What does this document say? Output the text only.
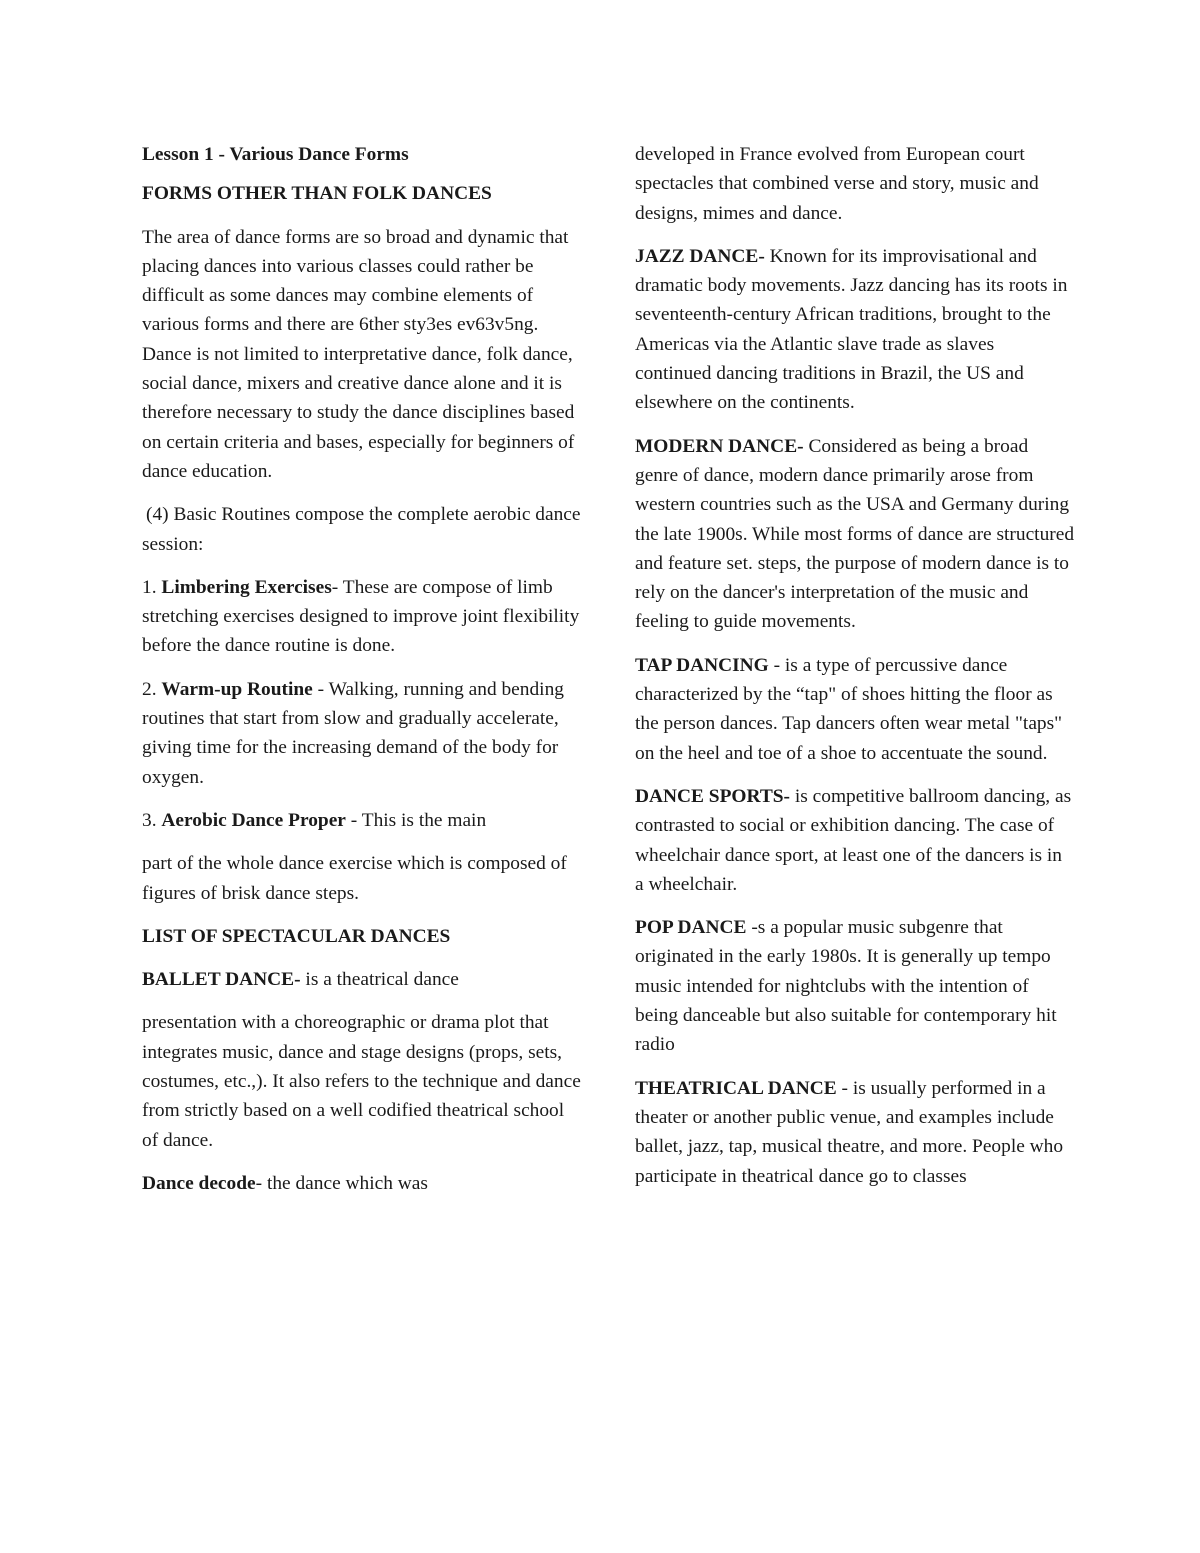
Lesson 1 - Various Dance Forms

FORMS OTHER THAN FOLK DANCES

The area of dance forms are so broad and dynamic that placing dances into various classes could rather be difficult as some dances may combine elements of various forms and there are 6ther sty3es ev63v5ng. Dance is not limited to interpretative dance, folk dance, social dance, mixers and creative dance alone and it is therefore necessary to study the dance disciplines based on certain criteria and bases, especially for beginners of dance education.

(4) Basic Routines compose the complete aerobic dance session:

1. Limbering Exercises- These are compose of limb stretching exercises designed to improve joint flexibility before the dance routine is done.

2. Warm-up Routine - Walking, running and bending routines that start from slow and gradually accelerate, giving time for the increasing demand of the body for oxygen.

3. Aerobic Dance Proper - This is the main

part of the whole dance exercise which is composed of figures of brisk dance steps.

LIST OF SPECTACULAR DANCES

BALLET DANCE- is a theatrical dance

presentation with a choreographic or drama plot that integrates music, dance and stage designs (props, sets, costumes, etc.,). It also refers to the technique and dance from strictly based on a well codified theatrical school of dance.

Dance decode- the dance which was

developed in France evolved from European court spectacles that combined verse and story, music and designs, mimes and dance.

JAZZ DANCE- Known for its improvisational and dramatic body movements. Jazz dancing has its roots in seventeenth-century African traditions, brought to the Americas via the Atlantic slave trade as slaves continued dancing traditions in Brazil, the US and elsewhere on the continents.

MODERN DANCE- Considered as being a broad genre of dance, modern dance primarily arose from western countries such as the USA and Germany during the late 1900s. While most forms of dance are structured and feature set. steps, the purpose of modern dance is to rely on the dancer's interpretation of the music and feeling to guide movements.

TAP DANCING - is a type of percussive dance characterized by the “tap" of shoes hitting the floor as the person dances. Tap dancers often wear metal "taps" on the heel and toe of a shoe to accentuate the sound.

DANCE SPORTS- is competitive ballroom dancing, as contrasted to social or exhibition dancing. The case of wheelchair dance sport, at least one of the dancers is in a wheelchair.

POP DANCE -s a popular music subgenre that originated in the early 1980s. It is generally up tempo music intended for nightclubs with the intention of being danceable but also suitable for contemporary hit radio

THEATRICAL DANCE - is usually performed in a theater or another public venue, and examples include ballet, jazz, tap, musical theatre, and more. People who participate in theatrical dance go to classes
